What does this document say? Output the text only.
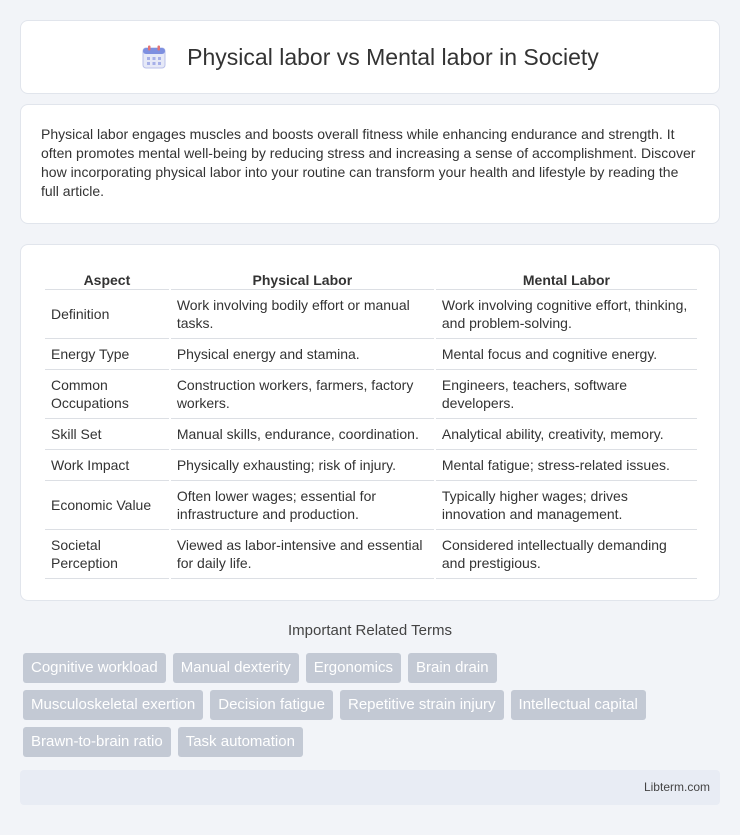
Physical labor vs Mental labor in Society

Physical labor engages muscles and boosts overall fitness while enhancing endurance and strength. It often promotes mental well-being by reducing stress and increasing a sense of accomplishment. Discover how incorporating physical labor into your routine can transform your health and lifestyle by reading the full article.

Aspect	Physical Labor	Mental Labor
Definition	Work involving bodily effort or manual tasks.	Work involving cognitive effort, thinking, and problem-solving.
Energy Type	Physical energy and stamina.	Mental focus and cognitive energy.
Common Occupations	Construction workers, farmers, factory workers.	Engineers, teachers, software developers.
Skill Set	Manual skills, endurance, coordination.	Analytical ability, creativity, memory.
Work Impact	Physically exhausting; risk of injury.	Mental fatigue; stress-related issues.
Economic Value	Often lower wages; essential for infrastructure and production.	Typically higher wages; drives innovation and management.
Societal Perception	Viewed as labor-intensive and essential for daily life.	Considered intellectually demanding and prestigious.
Important Related Terms
Cognitive workload	Manual dexterity	Ergonomics	Brain drain
Musculoskeletal exertion	Decision fatigue	Repetitive strain injury	Intellectual capital
Brawn-to-brain ratio	Task automation
Libterm.com
